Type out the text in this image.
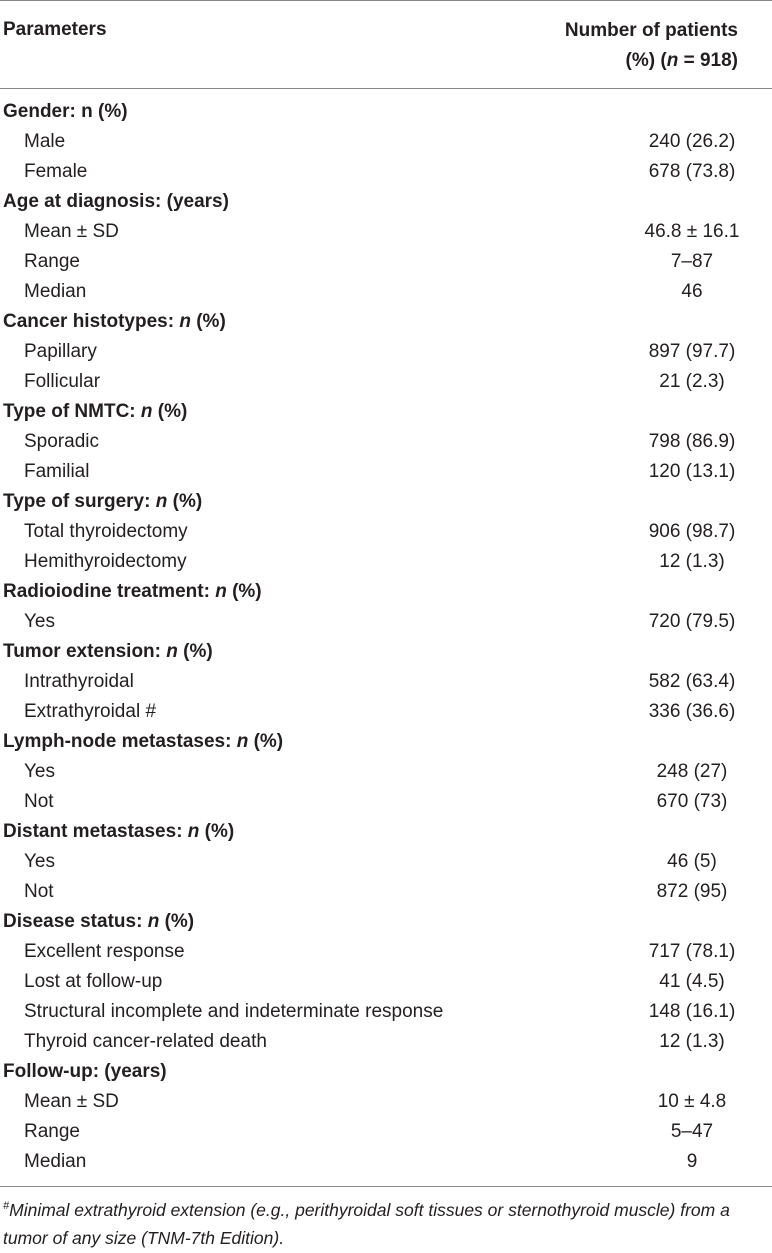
Parameters	Number of patients
(%) (n = 918)
Gender: n (%)
Male	240 (26.2)
Female	678 (73.8)
Age at diagnosis: (years)
Mean ± SD	46.8 ± 16.1
Range	7–87
Median	46
Cancer histotypes: n (%)
Papillary	897 (97.7)
Follicular	21 (2.3)
Type of NMTC: n (%)
Sporadic	798 (86.9)
Familial	120 (13.1)
Type of surgery: n (%)
Total thyroidectomy	906 (98.7)
Hemithyroidectomy	12 (1.3)
Radioiodine treatment: n (%)
Yes	720 (79.5)
Tumor extension: n (%)
Intrathyroidal	582 (63.4)
Extrathyroidal #	336 (36.6)
Lymph-node metastases: n (%)
Yes	248 (27)
Not	670 (73)
Distant metastases: n (%)
Yes	46 (5)
Not	872 (95)
Disease status: n (%)
Excellent response	717 (78.1)
Lost at follow-up	41 (4.5)
Structural incomplete and indeterminate response	148 (16.1)
Thyroid cancer-related death	12 (1.3)
Follow-up: (years)
Mean ± SD	10 ± 4.8
Range	5–47
Median	9
#Minimal extrathyroid extension (e.g., perithyroidal soft tissues or sternothyroid muscle) from a tumor of any size (TNM-7th Edition).
